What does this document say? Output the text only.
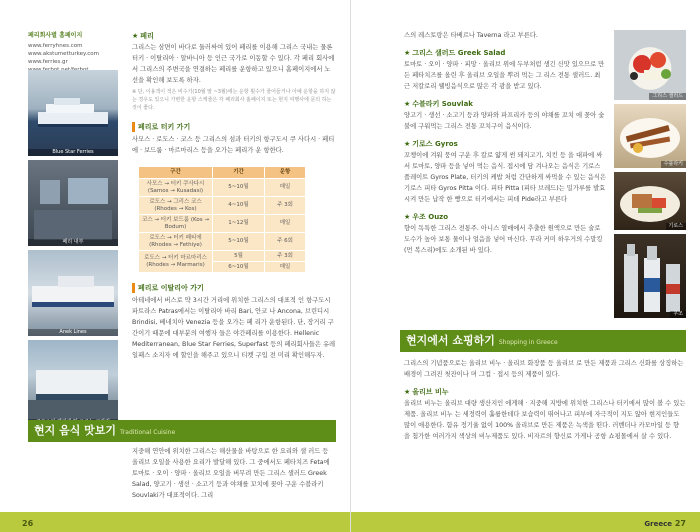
페리회사별 홈페이지
www.ferryhnes.com
www.akstumetturkey.com
www.ferries.gr
Blue Star Ferries
페리 내부
Anek Lines
★ 페리
그리스는 삼면이 바다로 둘러싸여 있어 페리를 이용해 그리스 국내는 물론 터키 · 이탈리아 · 알바니아 등 인근 국가로 이동할 수 있다. 각 페리 회사에서 그리스의 주변국을 연결하는 페리를 운항하고 있으니 홈페이지에서 노선을 확인해 보도록 하자.
※ 단, 이용객이 적은 비수기(10월 말 ~3월)에는 운항 횟수가 줄어들거나 아예 운항을 하지 않는 경우도 있으니 가변한 운항 스케줄은 각 페리회사 홈페이지 또는 현지 여행사에 문의 하는 것이 좋다.
페리로 터키 가기
사모스 · 로도스 · 코스 등 그리스의 섬과 터키의 항구도시 쿠 사다시 · 페티에 · 보드룸 · 마르마리스 등을 오가는 페리가 운 항한다.
구간	기간	운항
사모스 → 터키 쿠사다시 (Samos → Kusadasi)	5~10월	매일
로도스 → 그리스 코스 (Rhodes → Kos)	4~10월	주 3회
코스 → 터키 보드룸 (Kos → Bodum)	1~12월	매일
로도스 → 터키 페티에 (Rhodes → Fethiye)	5~10월	주 6회
로도스 → 터키 마르마리스 (Rhodes → Marmaris)	5월	주 3회
	6~10월	매일
페리로 이탈리아 가기
아테네에서 버스로 약 3시간 거리에 위치한 그리스의 대표적 인 항구도시 파트라스 Patras에서는 이탈리아 바리 Bari, 안코 나 Ancona, 브린디시 Brindisi, 베네치아 Venezia 등을 오가는 페 리가 운항된다. 단, 장거리 구간이기 때문에 대부분의 여행자 들은 야간페리를 이용한다. Hellenic Mediterranean, Blue Star Ferries, Superfast 등의 페리회사들은 유레일패스 소지자 에 할인을 해주고 있으니 티켓 구입 전 미리 확인해두자.
현지 음식 맛보기 Traditional Cuisine
지중해 연안에 위치한 그리스는 해산물을 바탕으로 한 요리와 샐 러드 등 올리브 오일을 사용한 요리가 발달해 있다. 그 중에서도 페타치즈 Feta에 토마토 · 오이 · 양파 · 올리브 오일을 버무려 만든 그리스 샐러드 Greek Salad, 양고기 · 생선 · 소고기 등과 야채를 꼬치에 꽂아 구운 수블라키 Souvlaki가 대표적이다. 그리
26	Greece 27
스의 레스토랑은 타베르나 Taverna 라고 부른다.
★ 그리스 샐러드 Greek Salad
토마토 · 오이 · 양파 · 피망 · 올리브 위에 두부처럼 생긴 신맛 있으므로 만든 페타치즈를 올린 후 올리브 오일을 뿌려 먹는 그 리스 전통 샐러드. 최근 저칼로리 웰빙음식으로 많은 각 광을 받고 있다.
★ 수블라키 Souvlak
양고기 · 생선 · 소고기 등과 양파와 파프리카 등의 야채를 꼬치 에 꽂아 숯불에 구워먹는 그리스 전통 꼬치구이 음식이다.
★ 기로스 Gyros
꼬챙이에 겨워 뭉여 구운 후 칼로 얇게 썬 돼지고기, 치킨 등 을 대파에 싸서 토마토, 양파 등을 넣어 먹는 음식. 접시에 담 겨나오는 음식은 기로스 플레이트 Gyros Plate, 터키의 케밥 처럼 간단하게 싸먹을 수 있는 음식은 기로스 피타 Gyros Pitta 이다. 피타 Pitta (피타 브레드)는 밀가루를 발효시켜 만든 납작 한 빵으로 터키에서는 피데 Pide라고 부른다
★ 우조 Ouzo
향이 독특한 그리스 전통주. 아니스 열매에서 추출한 원액으로 만든 술로 도수가 높아 보통 물이나 얼음을 넣어 마신다. 무라 커미 하우거의 수말킹 (먼 복스리)에도 소개된 바 있다.
현지에서 쇼핑하기 Shopping in Greece
그리스의 기념품으로는 올리브 비누 · 올리브 화장품 등 올리브 로 만든 제품과 그리스 신화를 상징하는 배경이 그려진 첫잔이나 머 그컵 · 접시 등의 제품이 있다.
★ 올리브 비누
올리브 비누는 올리브 대량 생산지인 에게해 · 지중해 지방에 위치한 그리스나 터키에서 많이 볼 수 있는 제품. 올리브 비누 는 세정력이 훌륭한데다 보습력이 뛰어나고 피부에 자극적이 지도 않아 현지인들도 많이 애용한다. 함유 정기율 없이 100% 올리브로 만든 제품은 녹색을 띤다. 러벤더나 카모마일 등 향 을 첨가한 여러가지 색상의 비누제품도 있다. 비자르의 향신료 가게나 공항 쇼핑몰에서 살 수 있다.
그리스 샐러드
수블라키
기로스
우조
